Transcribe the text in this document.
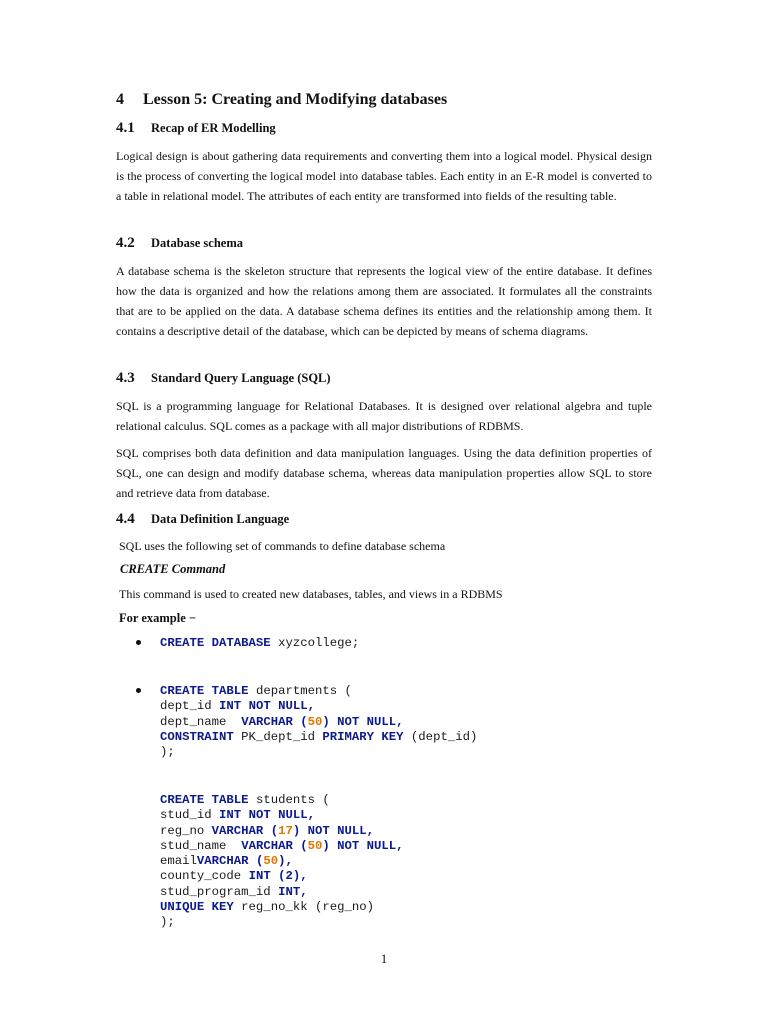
4 Lesson 5: Creating and Modifying databases
4.1 Recap of ER Modelling
Logical design is about gathering data requirements and converting them into a logical model. Physical design is the process of converting the logical model into database tables. Each entity in an E-R model is converted to a table in relational model. The attributes of each entity are transformed into fields of the resulting table.
4.2 Database schema
A database schema is the skeleton structure that represents the logical view of the entire database. It defines how the data is organized and how the relations among them are associated. It formulates all the constraints that are to be applied on the data. A database schema defines its entities and the relationship among them. It contains a descriptive detail of the database, which can be depicted by means of schema diagrams.
4.3 Standard Query Language (SQL)
SQL is a programming language for Relational Databases. It is designed over relational algebra and tuple relational calculus. SQL comes as a package with all major distributions of RDBMS.
SQL comprises both data definition and data manipulation languages. Using the data definition properties of SQL, one can design and modify database schema, whereas data manipulation properties allow SQL to store and retrieve data from database.
4.4 Data Definition Language
SQL uses the following set of commands to define database schema
CREATE Command
This command is used to created new databases, tables, and views in a RDBMS
For example −
CREATE DATABASE xyzcollege;
CREATE TABLE departments (
dept_id INT NOT NULL,
dept_name  VARCHAR (50) NOT NULL,
CONSTRAINT PK_dept_id PRIMARY KEY (dept_id)
);
CREATE TABLE students (
stud_id INT NOT NULL,
reg_no VARCHAR (17) NOT NULL,
stud_name  VARCHAR (50) NOT NULL,
emailVARCHAR (50),
county_code INT (2),
stud_program_id INT,
UNIQUE KEY reg_no_kk (reg_no)
);
1
